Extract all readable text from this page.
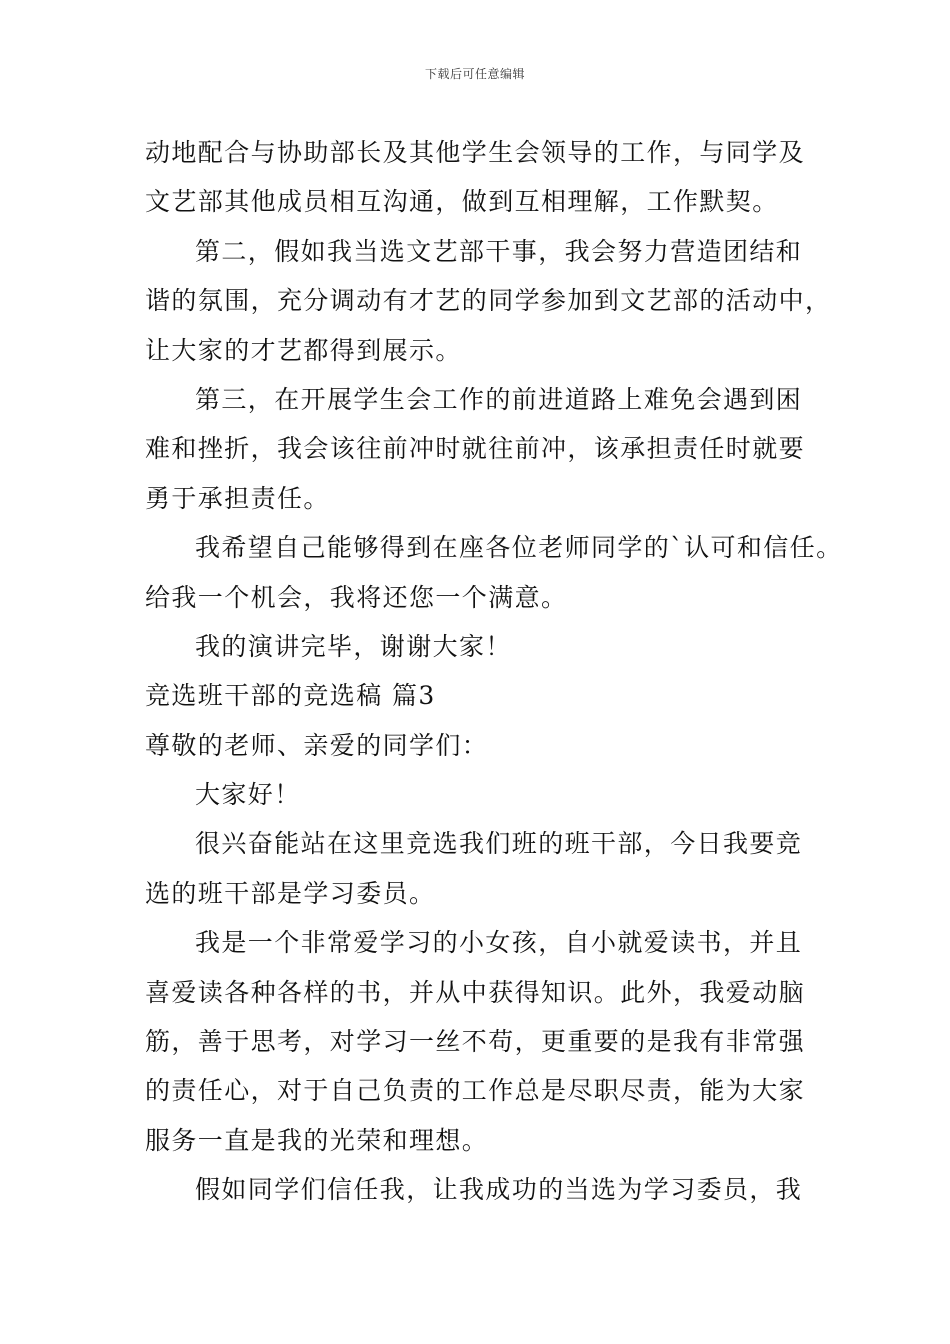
下载后可任意编辑
动地配合与协助部长及其他学生会领导的工作，与同学及
文艺部其他成员相互沟通，做到互相理解，工作默契。
第二，假如我当选文艺部干事，我会努力营造团结和
谐的氛围，充分调动有才艺的同学参加到文艺部的活动中，
让大家的才艺都得到展示。
第三，在开展学生会工作的前进道路上难免会遇到困
难和挫折，我会该往前冲时就往前冲，该承担责任时就要
勇于承担责任。
我希望自己能够得到在座各位老师同学的`认可和信任。
给我一个机会，我将还您一个满意。
我的演讲完毕，谢谢大家！
竞选班干部的竞选稿 篇3
尊敬的老师、亲爱的同学们：
大家好！
很兴奋能站在这里竞选我们班的班干部，今日我要竞
选的班干部是学习委员。
我是一个非常爱学习的小女孩，自小就爱读书，并且
喜爱读各种各样的书，并从中获得知识。此外，我爱动脑
筋，善于思考，对学习一丝不苟，更重要的是我有非常强
的责任心，对于自己负责的工作总是尽职尽责，能为大家
服务一直是我的光荣和理想。
假如同学们信任我，让我成功的当选为学习委员，我
